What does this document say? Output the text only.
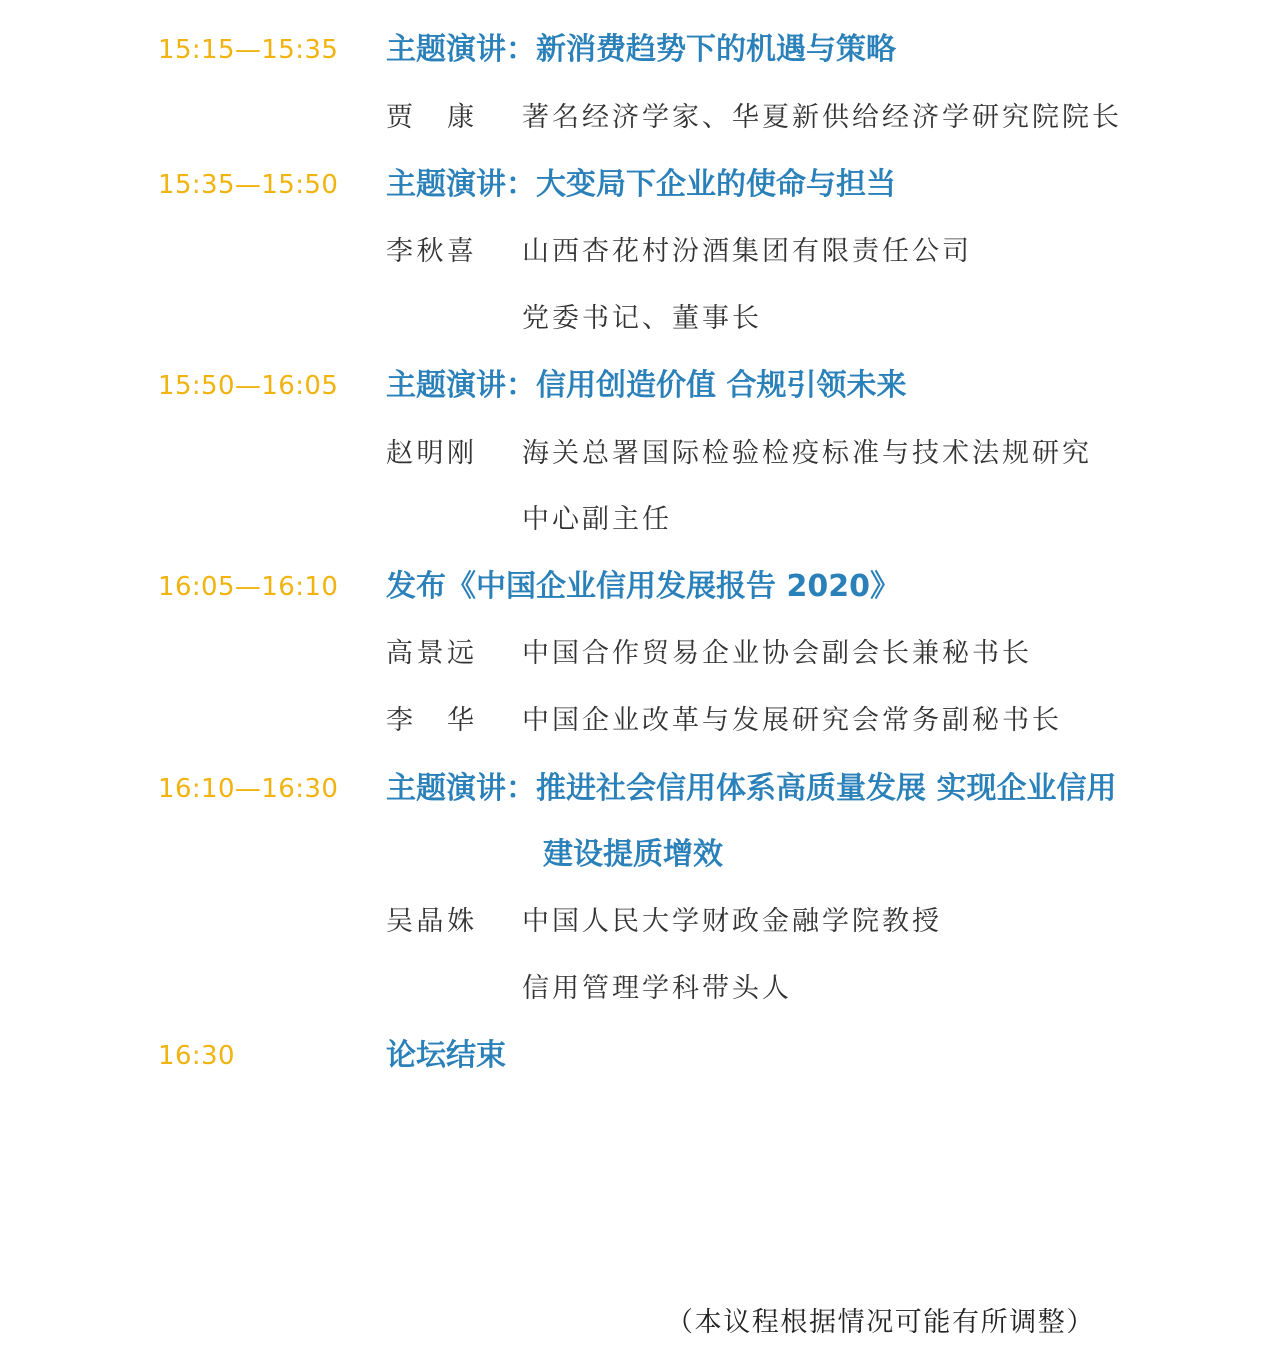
15:15—15:35 主题演讲：新消费趋势下的机遇与策略
贾 康 著名经济学家、华夏新供给经济学研究院院长
15:35—15:50 主题演讲：大变局下企业的使命与担当
李秋喜 山西杏花村汾酒集团有限责任公司
党委书记、董事长
15:50—16:05 主题演讲：信用创造价值 合规引领未来
赵明刚 海关总署国际检验检疫标准与技术法规研究
中心副主任
16:05—16:10 发布《中国企业信用发展报告 2020》
高景远 中国合作贸易企业协会副会长兼秘书长
李 华 中国企业改革与发展研究会常务副秘书长
16:10—16:30 主题演讲：推进社会信用体系高质量发展 实现企业信用
建设提质增效
吴晶姝 中国人民大学财政金融学院教授
信用管理学科带头人
16:30	论坛结束
（本议程根据情况可能有所调整）
